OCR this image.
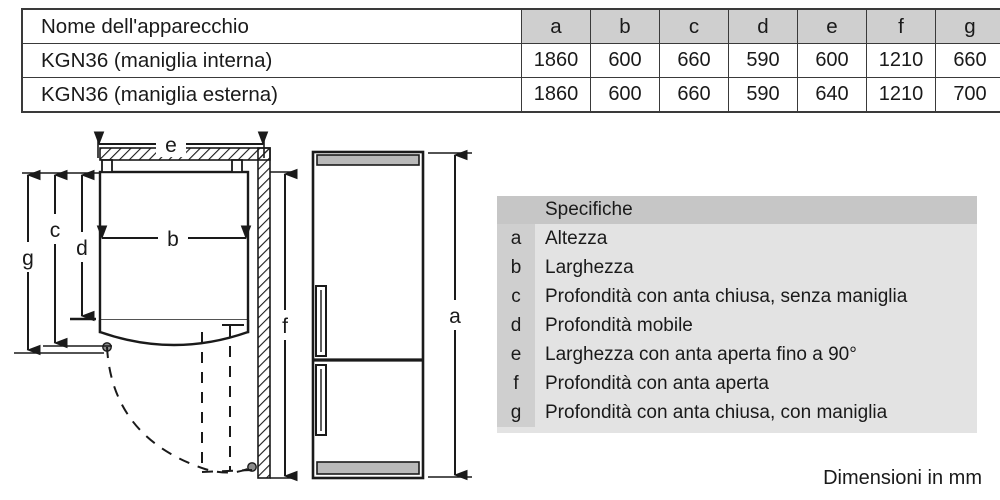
Nome dell'apparecchio	a	b	c	d	e	f	g
KGN36 (maniglia interna)	1860	600	660	590	600	1210	660
KGN36 (maniglia esterna)	1860	600	660	590	640	1210	700
e
b
d
c
g
f	a
Specifiche
a	Altezza
b	Larghezza
c	Profondità con anta chiusa, senza maniglia
d	Profondità mobile
e	Larghezza con anta aperta fino a 90°
f	Profondità con anta aperta
g	Profondità con anta chiusa, con maniglia
Dimensioni in mm
